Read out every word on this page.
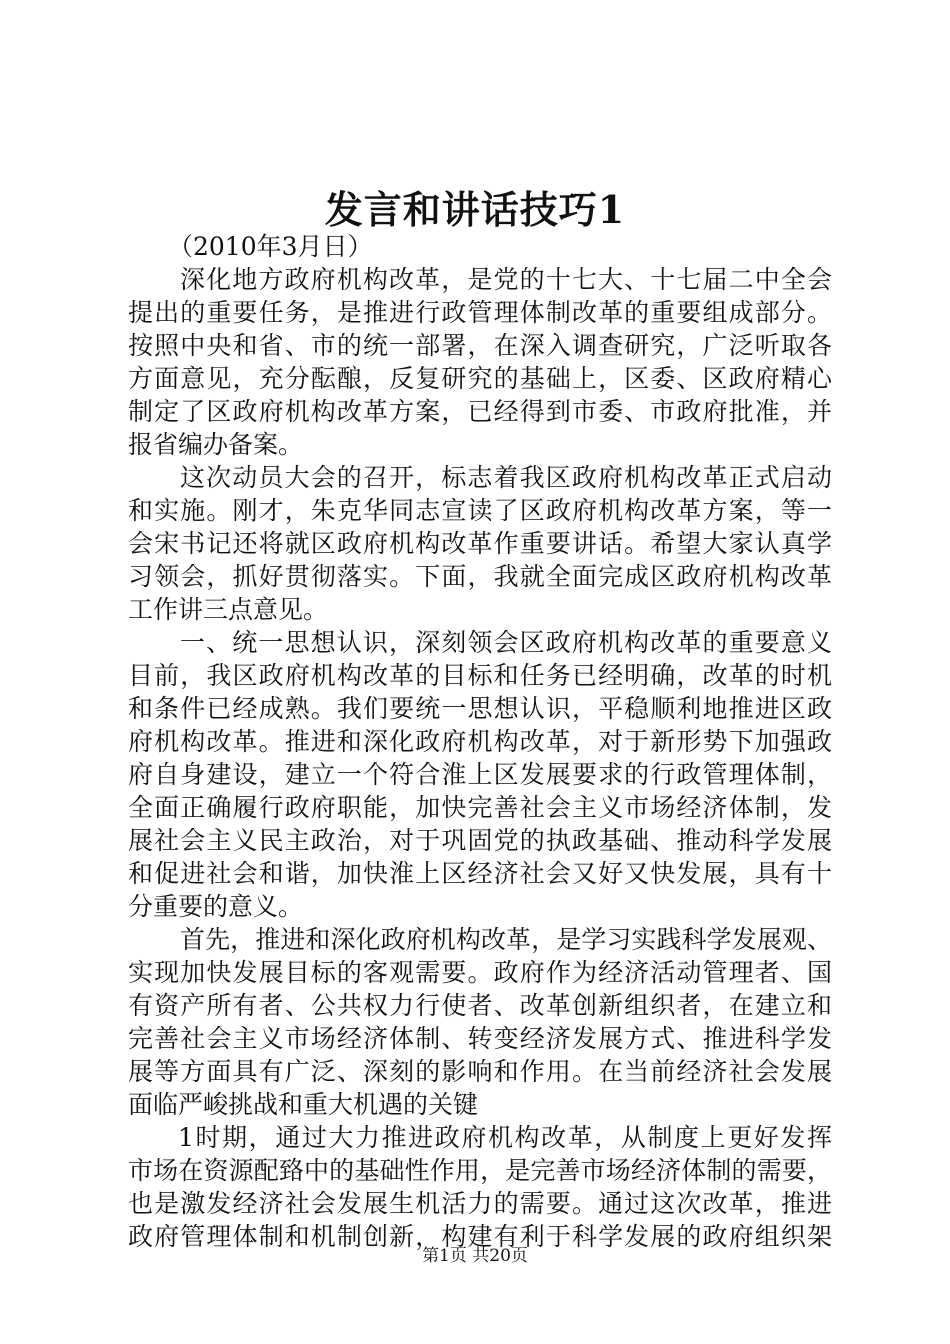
发言和讲话技巧1
（2010年3月日）
深化地方政府机构改革，是党的十七大、十七届二中全会
提出的重要任务，是推进行政管理体制改革的重要组成部分。
按照中央和省、市的统一部署，在深入调查研究，广泛听取各
方面意见，充分酝酿，反复研究的基础上，区委、区政府精心
制定了区政府机构改革方案，已经得到市委、市政府批准，并
报省编办备案。
这次动员大会的召开，标志着我区政府机构改革正式启动
和实施。刚才，朱克华同志宣读了区政府机构改革方案，等一
会宋书记还将就区政府机构改革作重要讲话。希望大家认真学
习领会，抓好贯彻落实。下面，我就全面完成区政府机构改革
工作讲三点意见。
一、统一思想认识，深刻领会区政府机构改革的重要意义
目前，我区政府机构改革的目标和任务已经明确，改革的时机
和条件已经成熟。我们要统一思想认识，平稳顺利地推进区政
府机构改革。推进和深化政府机构改革，对于新形势下加强政
府自身建设，建立一个符合淮上区发展要求的行政管理体制，
全面正确履行政府职能，加快完善社会主义市场经济体制，发
展社会主义民主政治，对于巩固党的执政基础、推动科学发展
和促进社会和谐，加快淮上区经济社会又好又快发展，具有十
分重要的意义。
首先，推进和深化政府机构改革，是学习实践科学发展观、
实现加快发展目标的客观需要。政府作为经济活动管理者、国
有资产所有者、公共权力行使者、改革创新组织者，在建立和
完善社会主义市场经济体制、转变经济发展方式、推进科学发
展等方面具有广泛、深刻的影响和作用。在当前经济社会发展
面临严峻挑战和重大机遇的关键
1时期，通过大力推进政府机构改革，从制度上更好发挥
市场在资源配臵中的基础性作用，是完善市场经济体制的需要，
也是激发经济社会发展生机活力的需要。通过这次改革，推进
政府管理体制和机制创新，构建有利于科学发展的政府组织架
第1页 共20页
